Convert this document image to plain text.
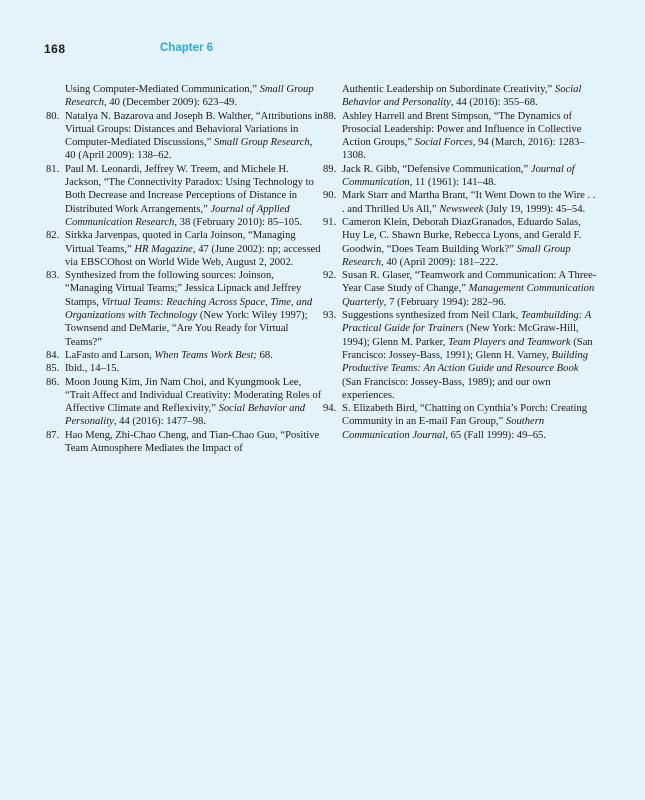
168	Chapter 6
Using Computer-Mediated Communication,” Small Group Research, 40 (December 2009): 623–49.
80. Natalya N. Bazarova and Joseph B. Walther, “Attributions in Virtual Groups: Distances and Behavioral Variations in Computer-Mediated Discussions,” Small Group Research, 40 (April 2009): 138–62.
81. Paul M. Leonardi, Jeffrey W. Treem, and Michele H. Jackson, “The Connectivity Paradox: Using Technology to Both Decrease and Increase Perceptions of Distance in Distributed Work Arrangements,” Journal of Applied Communication Research, 38 (February 2010): 85–105.
82. Sirkka Jarvenpas, quoted in Carla Joinson, “Managing Virtual Teams,” HR Magazine, 47 (June 2002): np; accessed via EBSCOhost on World Wide Web, August 2, 2002.
83. Synthesized from the following sources: Joinson, “Managing Virtual Teams;” Jessica Lipnack and Jeffrey Stamps, Virtual Teams: Reaching Across Space, Time, and Organizations with Technology (New York: Wiley 1997); Townsend and DeMarie, “Are You Ready for Virtual Teams?”
84. LaFasto and Larson, When Teams Work Best; 68.
85. Ibid., 14–15.
86. Moon Joung Kim, Jin Nam Choi, and Kyungmook Lee, “Trait Affect and Individual Creativity: Moderating Roles of Affective Climate and Reflexivity,” Social Behavior and Personality, 44 (2016): 1477–98.
87. Hao Meng, Zhi-Chao Cheng, and Tian-Chao Guo, “Positive Team Atmosphere Mediates the Impact of
Authentic Leadership on Subordinate Creativity,” Social Behavior and Personality, 44 (2016): 355–68.
88. Ashley Harrell and Brent Simpson, “The Dynamics of Prosocial Leadership: Power and Influence in Collective Action Groups,” Social Forces, 94 (March, 2016): 1283–1308.
89. Jack R. Gibb, “Defensive Communication,” Journal of Communication, 11 (1961): 141–48.
90. Mark Starr and Martha Brant, “It Went Down to the Wire . . . and Thrilled Us All,” Newsweek (July 19, 1999): 45–54.
91. Cameron Klein, Deborah DiazGranados, Eduardo Salas, Huy Le, C. Shawn Burke, Rebecca Lyons, and Gerald F. Goodwin, “Does Team Building Work?” Small Group Research, 40 (April 2009): 181–222.
92. Susan R. Glaser, “Teamwork and Communication: A Three-Year Case Study of Change,” Management Communication Quarterly, 7 (February 1994): 282–96.
93. Suggestions synthesized from Neil Clark, Teambuilding: A Practical Guide for Trainers (New York: McGraw-Hill, 1994); Glenn M. Parker, Team Players and Teamwork (San Francisco: Jossey-Bass, 1991); Glenn H. Varney, Building Productive Teams: An Action Guide and Resource Book (San Francisco: Jossey-Bass, 1989); and our own experiences.
94. S. Elizabeth Bird, “Chatting on Cynthia’s Porch: Creating Community in an E-mail Fan Group,” Southern Communication Journal, 65 (Fall 1999): 49–65.
